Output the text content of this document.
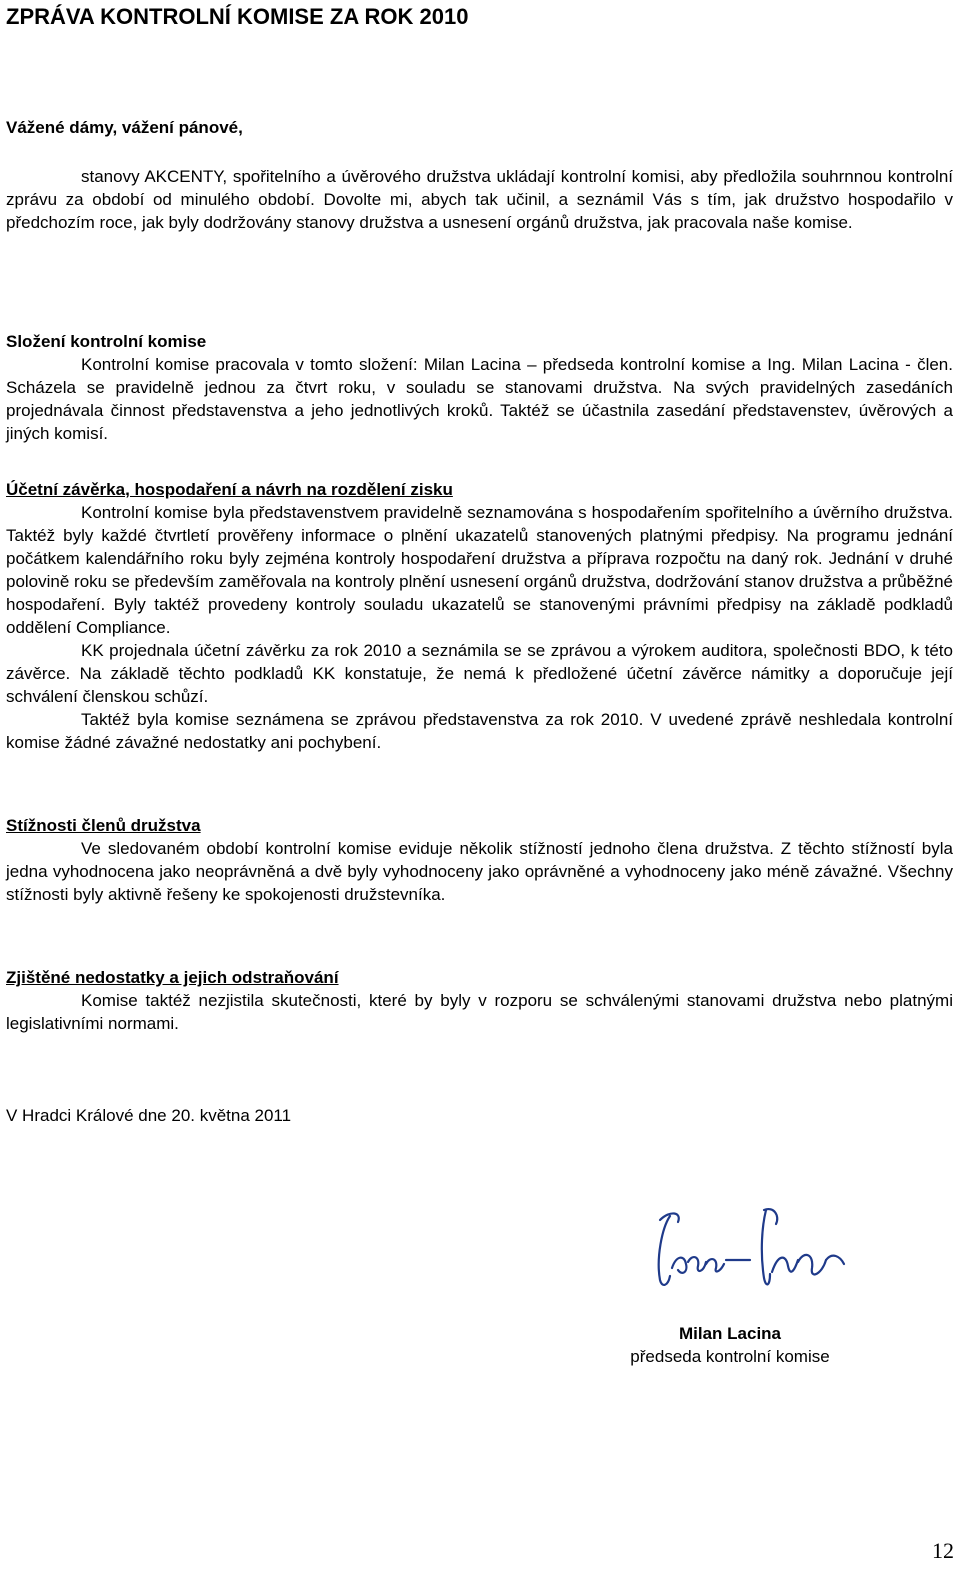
ZPRÁVA KONTROLNÍ KOMISE ZA ROK 2010
Vážené dámy, vážení pánové,

stanovy AKCENTY, spořitelního a úvěrového družstva ukládají kontrolní komisi, aby předložila souhrnnou kontrolní zprávu za období od minulého období. Dovolte mi, abych tak učinil, a seznámil Vás s tím, jak družstvo hospodařilo v předchozím roce, jak byly dodržovány stanovy družstva a usnesení orgánů družstva, jak pracovala naše komise.

Složení kontrolní komise

Kontrolní komise pracovala v tomto složení: Milan Lacina – předseda kontrolní komise a Ing. Milan Lacina - člen. Scházela se pravidelně jednou za čtvrt roku, v souladu se stanovami družstva. Na svých pravidelných zasedáních projednávala činnost představenstva a jeho jednotlivých kroků. Taktéž se účastnila zasedání představenstev, úvěrových a jiných komisí.

Účetní závěrka, hospodaření a návrh na rozdělení zisku

Kontrolní komise byla představenstvem pravidelně seznamována s hospodařením spořitelního a úvěrního družstva. Taktéž byly každé čtvrtletí prověřeny informace o plnění ukazatelů stanovených platnými předpisy. Na programu jednání počátkem kalendářního roku byly zejména kontroly hospodaření družstva a příprava rozpočtu na daný rok. Jednání v druhé polovině roku se především zaměřovala na kontroly plnění usnesení orgánů družstva, dodržování stanov družstva a průběžné hospodaření. Byly taktéž provedeny kontroly souladu ukazatelů se stanovenými právními předpisy na základě podkladů oddělení Compliance.

KK projednala účetní závěrku za rok 2010 a seznámila se se zprávou a výrokem auditora, společnosti BDO, k této závěrce. Na základě těchto podkladů KK konstatuje, že nemá k předložené účetní závěrce námitky a doporučuje její schválení členskou schůzí.

Taktéž byla komise seznámena se zprávou představenstva za rok 2010. V uvedené zprávě neshledala kontrolní komise žádné závažné nedostatky ani pochybení.

Stížnosti členů družstva

Ve sledovaném období kontrolní komise eviduje několik stížností jednoho člena družstva. Z těchto stížností byla jedna vyhodnocena jako neoprávněná a dvě byly vyhodnoceny jako oprávněné a vyhodnoceny jako méně závažné. Všechny stížnosti byly aktivně řešeny ke spokojenosti družstevníka.

Zjištěné nedostatky a jejich odstraňování

Komise taktéž nezjistila skutečnosti, které by byly v rozporu se schválenými stanovami družstva nebo platnými legislativními normami.

V Hradci Králové dne 20. května 2011
Milan Lacina
předseda kontrolní komise
12
